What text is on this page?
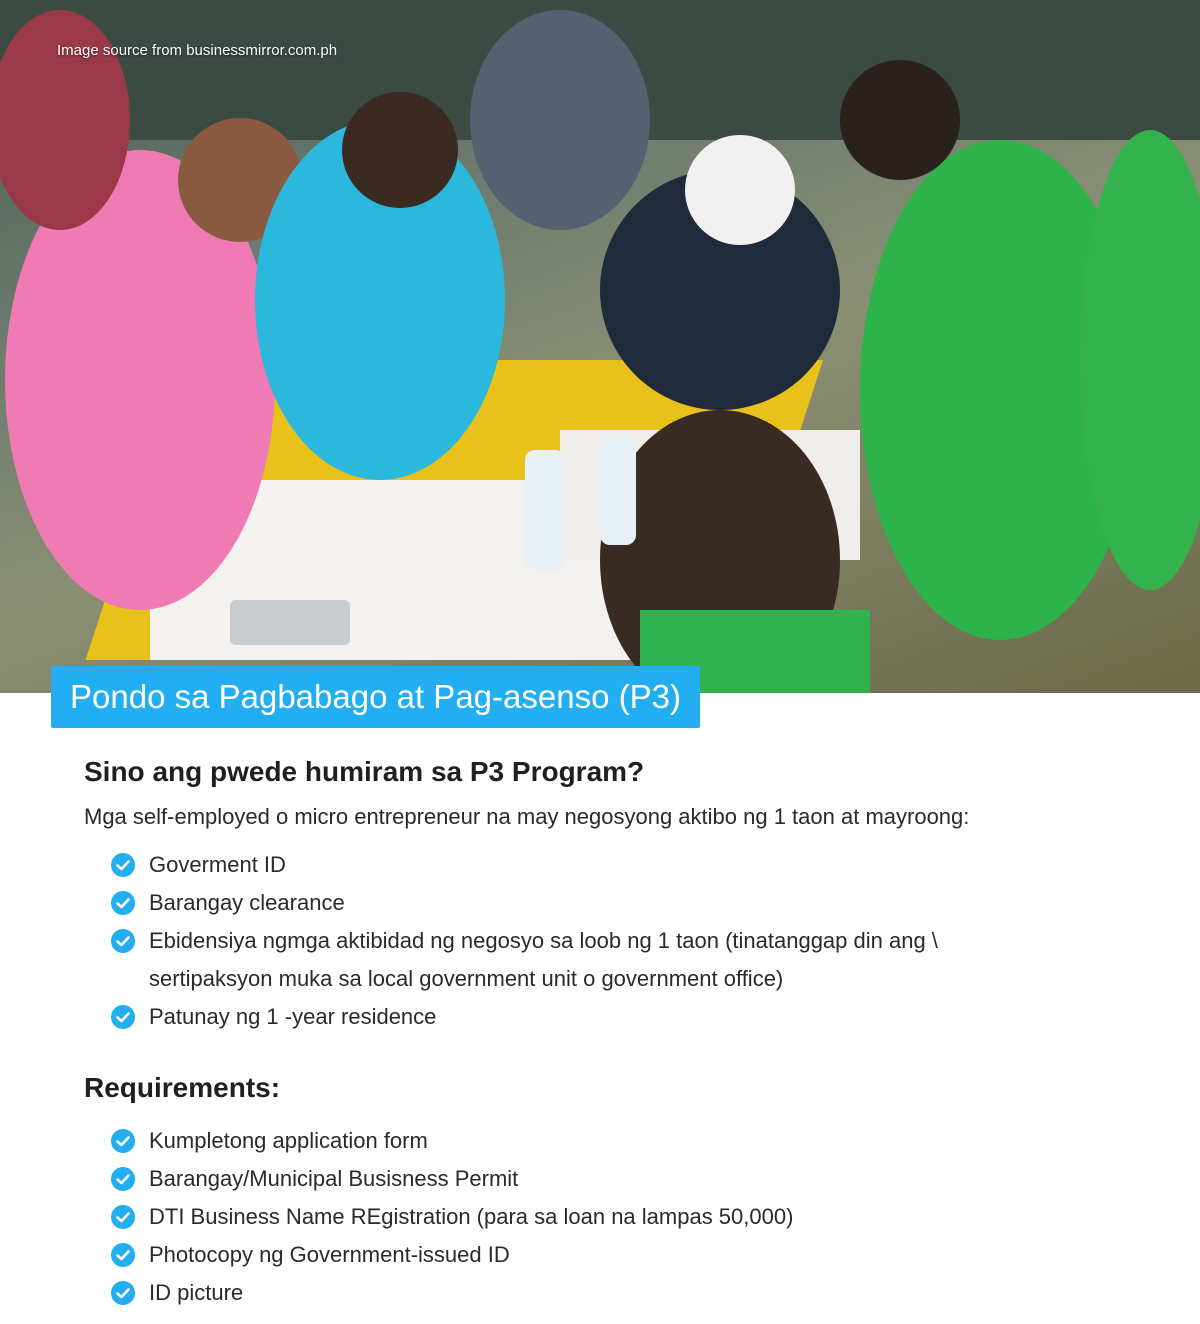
Image source from businessmirror.com.ph
Pondo sa Pagbabago at Pag-asenso (P3)
Sino ang pwede humiram sa P3 Program?

Mga self-employed o micro entrepreneur na may negosyong aktibo ng 1 taon at mayroong:

Goverment ID
Barangay clearance
Ebidensiya ngmga aktibidad ng negosyo sa loob ng 1 taon (tinatanggap din ang \ sertipaksyon muka sa local government unit o government office)
Patunay ng 1 -year residence
Requirements:
Kumpletong application form
Barangay/Municipal Busisness Permit
DTI Business Name REgistration (para sa loan na lampas 50,000)
Photocopy ng Government-issued ID
ID picture
